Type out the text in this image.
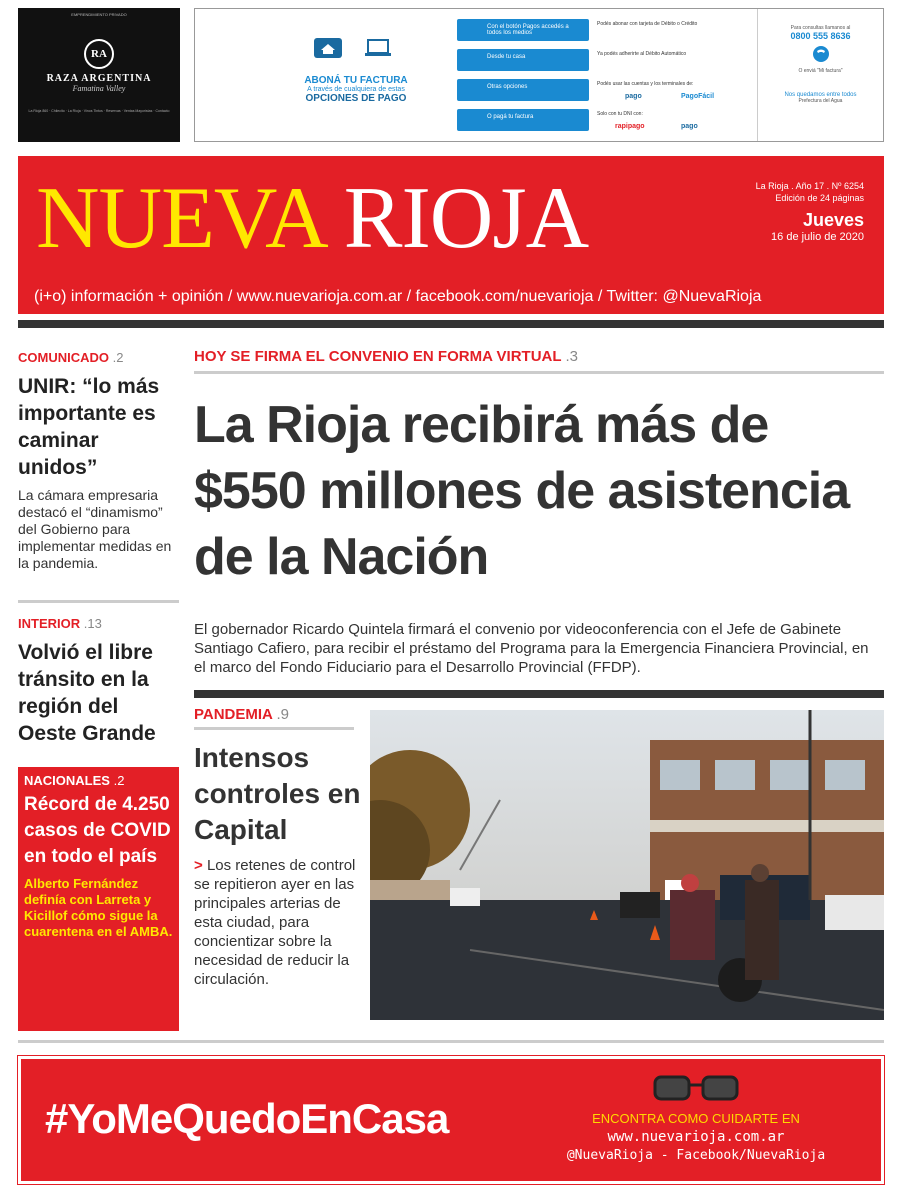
EMPRENDIMIENTO PRIVADO
RA
RAZA ARGENTINA
Famatina Valley
La Rioja 860 · Chilecito · La Rioja · Vinos Tintos · Reservas · Ventas Mayoristas · Contacto
ABONÁ TU FACTURA
A través de cualquiera de estas
OPCIONES DE PAGO
Con el botón Pagos accedés a todos los medios
Desde tu casa
Otras opciones
O pagá tu factura
Podés abonar con tarjeta de Débito o Crédito
Ya podés adherirte al Débito Automático
Podés usar las cuentas y los terminales de:
Solo con tu DNI con:
pago	PagoFácil
rapipago	pago
Para consultas llamanos al
0800 555 8636
O enviá "Mi factura"
Nos quedamos entre todos
Prefectura del Agua
NUEVA RIOJA	La Rioja . Año 17 . Nº 6254
Edición de 24 páginas
Jueves
16 de julio de 2020
(i+o) información + opinión / www.nuevarioja.com.ar / facebook.com/nuevarioja / Twitter: @NuevaRioja
COMUNICADO .2
UNIR: “lo más importante es caminar unidos”
La cámara empresaria destacó el “dinamismo” del Gobierno para implementar medidas en la pandemia.
INTERIOR .13
Volvió el libre tránsito en la región del Oeste Grande
NACIONALES .2
Récord de 4.250 casos de COVID en todo el país
Alberto Fernández definía con Larreta y Kicillof cómo sigue la cuarentena en el AMBA.
HOY SE FIRMA EL CONVENIO EN FORMA VIRTUAL .3
La Rioja recibirá más de $550 millones de asistencia de la Nación
El gobernador Ricardo Quintela firmará el convenio por videoconferencia con el Jefe de Gabinete Santiago Cafiero, para recibir el préstamo del Programa para la Emergencia Financiera Provincial, en el marco del Fondo Fiduciario para el Desarrollo Provincial (FFDP).
PANDEMIA .9
Intensos controles en Capital
> Los retenes de control se repitieron ayer en las principales arterias de esta ciudad, para concientizar sobre la necesidad de reducir la circulación.
#YoMeQuedoEnCasa	ENCONTRA COMO CUIDARTE EN
www.nuevarioja.com.ar
@NuevaRioja - Facebook/NuevaRioja
